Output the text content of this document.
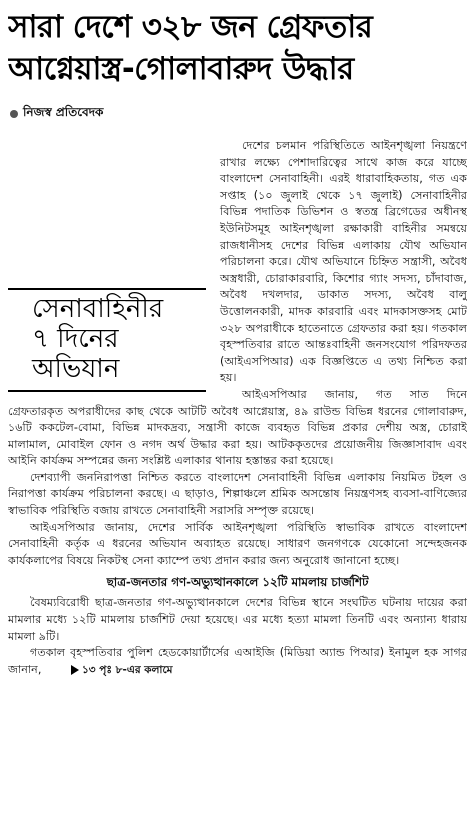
সারা দেশে ৩২৮ জন গ্রেফতার
আগ্নেয়াস্ত্র-গোলাবারুদ উদ্ধার
নিজস্ব প্রতিবেদক

সেনাবাহিনীর
৭ দিনের
অভিযান
দেশের চলমান পরিস্থিতিতে আইনশৃঙ্খলা নিয়ন্ত্রণে রাখার লক্ষ্যে পেশাদারিত্বের সাথে কাজ করে যাচ্ছে বাংলাদেশ সেনাবাহিনী। এরই ধারাবাহিকতায়, গত এক সপ্তাহ (১০ জুলাই থেকে ১৭ জুলাই) সেনাবাহিনীর বিভিন্ন পদাতিক ডিভিশন ও স্বতন্ত্র ব্রিগেডের অধীনস্থ ইউনিটসমূহ আইনশৃঙ্খলা রক্ষাকারী বাহিনীর সমন্বয়ে রাজধানীসহ দেশের বিভিন্ন এলাকায় যৌথ অভিযান পরিচালনা করে। যৌথ অভিযানে চিহ্নিত সন্ত্রাসী, অবৈধ অস্ত্রধারী, চোরাকারবারি, কিশোর গ্যাং সদস্য, চাঁদাবাজ, অবৈধ দখলদার, ডাকাত সদস্য, অবৈধ বালু উত্তোলনকারী, মাদক কারবারি এবং মাদকাসক্তসহ মোট ৩২৮ অপরাধীকে হাতেনাতে গ্রেফতার করা হয়। গতকাল বৃহস্পতিবার রাতে আন্তঃবাহিনী জনসংযোগ পরিদফতর (আইএসপিআর) এক বিজ্ঞপ্তিতে এ তথ্য নিশ্চিত করা হয়।

আইএসপিআর জানায়, গত সাত দিনে গ্রেফতারকৃত অপরাধীদের কাছ থেকে আটটি অবৈধ আগ্নেয়াস্ত্র, ৪৯ রাউন্ড বিভিন্ন ধরনের গোলাবারুদ, ১৬টি ককটেল-বোমা, বিভিন্ন মাদকদ্রব্য, সন্ত্রাসী কাজে ব্যবহৃত বিভিন্ন প্রকার দেশীয় অস্ত্র, চোরাই মালামাল, মোবাইল ফোন ও নগদ অর্থ উদ্ধার করা হয়। আটককৃতদের প্রয়োজনীয় জিজ্ঞাসাবাদ এবং আইনি কার্যক্রম সম্পন্নের জন্য সংশ্লিষ্ট এলাকার থানায় হস্তান্তর করা হয়েছে।

দেশব্যাপী জননিরাপত্তা নিশ্চিত করতে বাংলাদেশ সেনাবাহিনী বিভিন্ন এলাকায় নিয়মিত টহল ও নিরাপত্তা কার্যক্রম পরিচালনা করছে। এ ছাড়াও, শিল্পাঞ্চলে শ্রমিক অসন্তোষ নিয়ন্ত্রণসহ ব্যবসা-বাণিজ্যের স্বাভাবিক পরিস্থিতি বজায় রাখতে সেনাবাহিনী সরাসরি সম্পৃক্ত রয়েছে।

আইএসপিআর জানায়, দেশের সার্বিক আইনশৃঙ্খলা পরিস্থিতি স্বাভাবিক রাখতে বাংলাদেশ সেনাবাহিনী কর্তৃক এ ধরনের অভিযান অব্যাহত রয়েছে। সাধারণ জনগণকে যেকোনো সন্দেহজনক কার্যকলাপের বিষয়ে নিকটস্থ সেনা ক্যাম্পে তথ্য প্রদান করার জন্য অনুরোধ জানানো হচ্ছে।

ছাত্র-জনতার গণ-অভ্যুত্থানকালে ১২টি মামলায় চার্জশিট

বৈষম্যবিরোধী ছাত্র-জনতার গণ-অভ্যুত্থানকালে দেশের বিভিন্ন স্থানে সংঘটিত ঘটনায় দায়ের করা মামলার মধ্যে ১২টি মামলায় চার্জশিট দেয়া হয়েছে। এর মধ্যে হত্যা মামলা তিনটি এবং অন্যান্য ধারায় মামলা ৯টি।

গতকাল বৃহস্পতিবার পুলিশ হেডকোয়ার্টার্সের এআইজি (মিডিয়া অ্যান্ড পিআর) ইনামুল হক সাগর জানান,	১৩ পৃঃ ৮-এর কলামে
